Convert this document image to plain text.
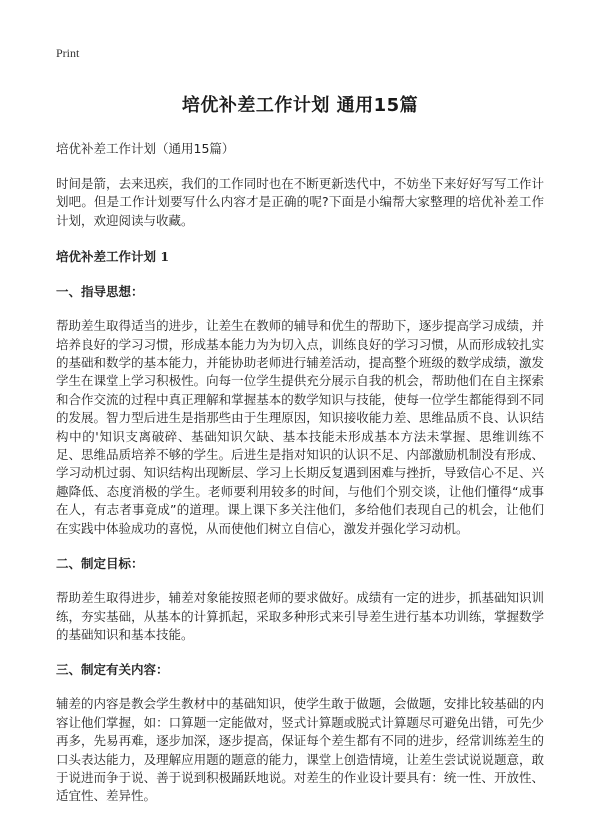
Print
培优补差工作计划 通用15篇
培优补差工作计划（通用15篇）

时间是箭，去来迅疾，我们的工作同时也在不断更新迭代中，不妨坐下来好好写写工作计划吧。但是工作计划要写什么内容才是正确的呢?下面是小编帮大家整理的培优补差工作计划，欢迎阅读与收藏。

培优补差工作计划 1
一、指导思想：

帮助差生取得适当的进步，让差生在教师的辅导和优生的帮助下，逐步提高学习成绩，并培养良好的学习习惯，形成基本能力为为切入点，训练良好的学习习惯，从而形成较扎实的基础和数学的基本能力，并能协助老师进行辅差活动，提高整个班级的数学成绩，激发学生在课堂上学习积极性。向每一位学生提供充分展示自我的机会，帮助他们在自主探索和合作交流的过程中真正理解和掌握基本的数学知识与技能，使每一位学生都能得到不同的发展。智力型后进生是指那些由于生理原因，知识接收能力差、思维品质不良、认识结构中的'知识支离破碎、基础知识欠缺、基本技能未形成基本方法未掌握、思维训练不足、思维品质培养不够的学生。后进生是指对知识的认识不足、内部激励机制没有形成、学习动机过弱、知识结构出现断层、学习上长期反复遇到困难与挫折，导致信心不足、兴趣降低、态度消极的学生。老师要利用较多的时间，与他们个别交谈，让他们懂得“成事在人，有志者事竟成”的道理。课上课下多关注他们，多给他们表现自己的机会，让他们在实践中体验成功的喜悦，从而使他们树立自信心，激发并强化学习动机。

二、制定目标：

帮助差生取得进步，辅差对象能按照老师的要求做好。成绩有一定的进步，抓基础知识训练，夯实基础，从基本的计算抓起，采取多种形式来引导差生进行基本功训练，掌握数学的基础知识和基本技能。

三、制定有关内容：

辅差的内容是教会学生教材中的基础知识，使学生敢于做题，会做题，安排比较基础的内容让他们掌握，如：口算题一定能做对，竖式计算题或脱式计算题尽可避免出错，可先少再多，先易再难，逐步加深，逐步提高，保证每个差生都有不同的进步，经常训练差生的口头表达能力，及理解应用题的题意的能力，课堂上创造情境，让差生尝试说说题意，敢于说进而争于说、善于说到积极踊跃地说。对差生的作业设计要具有：统一性、开放性、适宜性、差异性。
